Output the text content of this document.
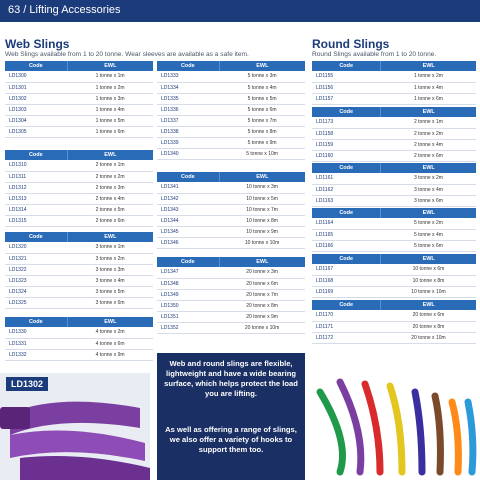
63 / Lifting Accessories
Web Slings
Web Slings available from 1 to 20 tonne. Wear sleeves are available as a safe item.
Round Slings
Round Slings available from 1 to 20 tonne.
Code	EWL
LD1300	1 tonne x 1m
LD1301	1 tonne x 2m
LD1302	1 tonne x 3m
LD1303	1 tonne x 4m
LD1304	1 tonne x 5m
LD1305	1 tonne x 6m
Code	EWL
LD1310	2 tonne x 1m
LD1311	2 tonne x 2m
LD1312	2 tonne x 3m
LD1313	2 tonne x 4m
LD1314	2 tonne x 5m
LD1315	2 tonne x 6m
Code	EWL
LD1320	3 tonne x 1m
LD1321	3 tonne x 2m
LD1322	3 tonne x 3m
LD1323	3 tonne x 4m
LD1324	3 tonne x 5m
LD1325	3 tonne x 6m
Code	EWL
LD1330	4 tonne x 2m
LD1331	4 tonne x 6m
LD1332	4 tonne x 9m
Code	EWL
LD1333	5 tonne x 3m
LD1334	5 tonne x 4m
LD1335	5 tonne x 5m
LD1336	5 tonne x 6m
LD1337	5 tonne x 7m
LD1338	5 tonne x 8m
LD1339	5 tonne x 9m
LD1340	5 tonne x 10m
Code	EWL
LD1341	10 tonne x 3m
LD1342	10 tonne x 5m
LD1343	10 tonne x 7m
LD1344	10 tonne x 8m
LD1345	10 tonne x 9m
LD1346	10 tonne x 10m
Code	EWL
LD1347	20 tonne x 3m
LD1348	20 tonne x 6m
LD1349	20 tonne x 7m
LD1350	20 tonne x 8m
LD1351	20 tonne x 9m
LD1352	20 tonne x 10m
Code	EWL
LD1155	1 tonne x 2m
LD1156	1 tonne x 4m
LD1157	1 tonne x 6m
Code	EWL
LD1173	2 tonne x 1m
LD1158	2 tonne x 2m
LD1159	2 tonne x 4m
LD1160	2 tonne x 6m
Code	EWL
LD1161	3 tonne x 2m
LD1162	3 tonne x 4m
LD1163	3 tonne x 6m
Code	EWL
LD1164	5 tonne x 2m
LD1165	5 tonne x 4m
LD1166	5 tonne x 6m
Code	EWL
LD1167	10 tonne x 6m
LD1168	10 tonne x 8m
LD1169	10 tonne x 10m
Code	EWL
LD1170	20 tonne x 6m
LD1171	20 tonne x 8m
LD1172	20 tonne x 10m
LD1302
Web and round slings are flexible, lightweight and have a wide bearing surface, which helps protect the load you are lifting.
As well as offering a range of slings, we also offer a variety of hooks to support them too.
